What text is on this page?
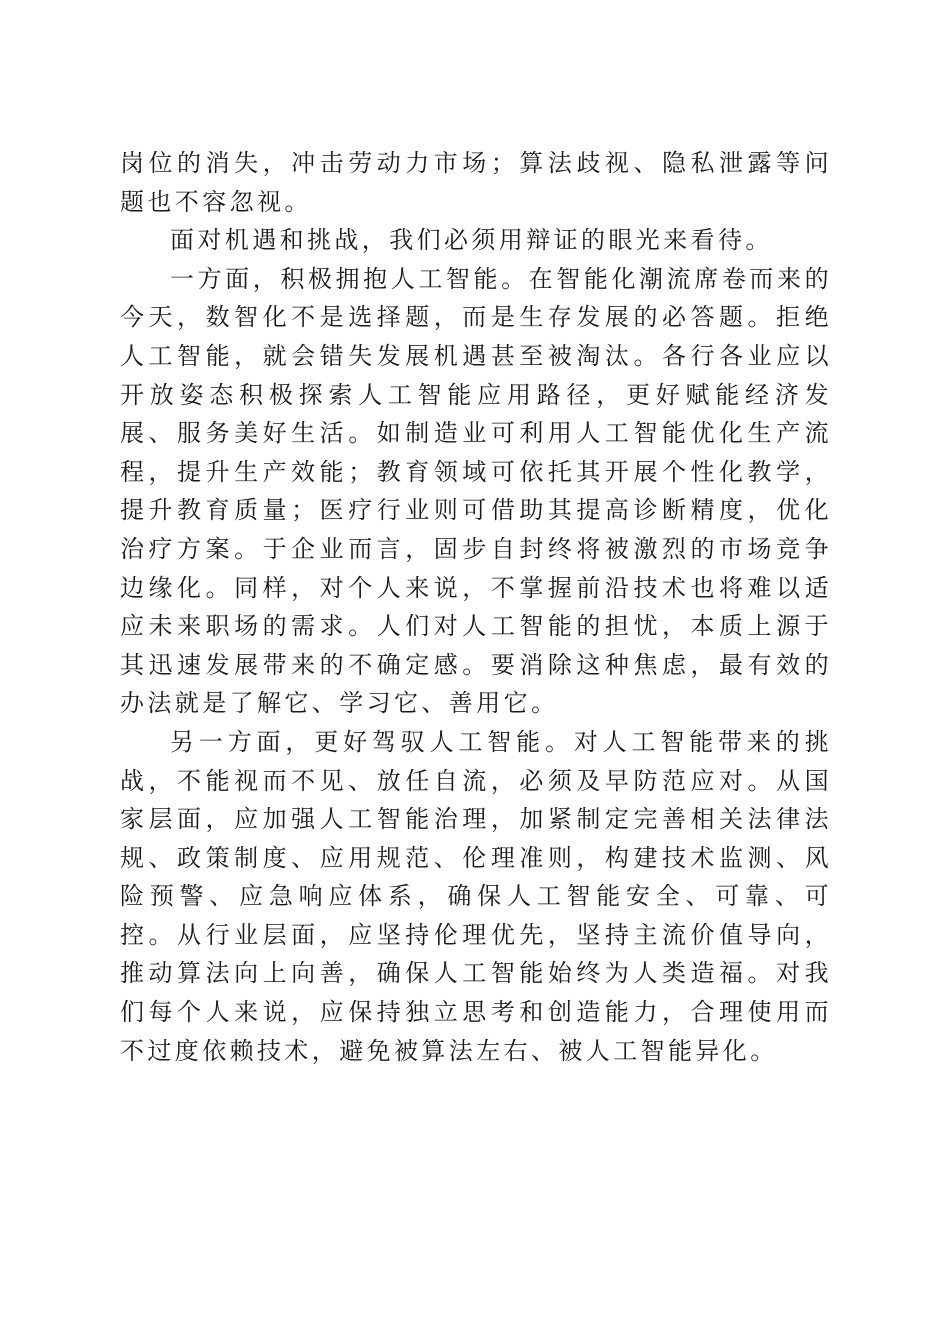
岗位的消失，冲击劳动力市场；算法歧视、隐私泄露等问题也不容忽视。

面对机遇和挑战，我们必须用辩证的眼光来看待。

一方面，积极拥抱人工智能。在智能化潮流席卷而来的今天，数智化不是选择题，而是生存发展的必答题。拒绝人工智能，就会错失发展机遇甚至被淘汰。各行各业应以开放姿态积极探索人工智能应用路径，更好赋能经济发展、服务美好生活。如制造业可利用人工智能优化生产流程，提升生产效能；教育领域可依托其开展个性化教学，提升教育质量；医疗行业则可借助其提高诊断精度，优化治疗方案。于企业而言，固步自封终将被激烈的市场竞争边缘化。同样，对个人来说，不掌握前沿技术也将难以适应未来职场的需求。人们对人工智能的担忧，本质上源于其迅速发展带来的不确定感。要消除这种焦虑，最有效的办法就是了解它、学习它、善用它。

另一方面，更好驾驭人工智能。对人工智能带来的挑战，不能视而不见、放任自流，必须及早防范应对。从国家层面，应加强人工智能治理，加紧制定完善相关法律法规、政策制度、应用规范、伦理准则，构建技术监测、风险预警、应急响应体系，确保人工智能安全、可靠、可控。从行业层面，应坚持伦理优先，坚持主流价值导向，推动算法向上向善，确保人工智能始终为人类造福。对我们每个人来说，应保持独立思考和创造能力，合理使用而不过度依赖技术，避免被算法左右、被人工智能异化。
